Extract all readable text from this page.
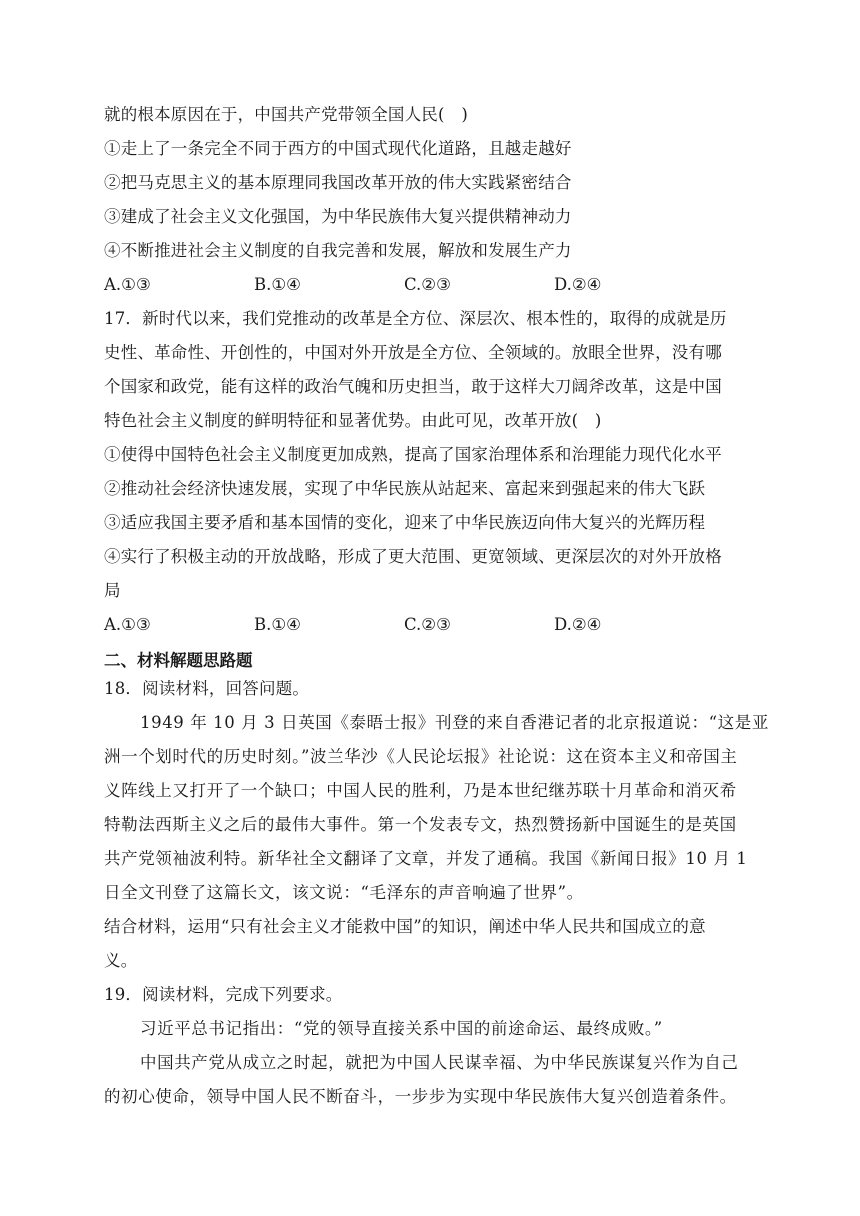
就的根本原因在于，中国共产党带领全国人民(　)
①走上了一条完全不同于西方的中国式现代化道路，且越走越好
②把马克思主义的基本原理同我国改革开放的伟大实践紧密结合
③建成了社会主义文化强国，为中华民族伟大复兴提供精神动力
④不断推进社会主义制度的自我完善和发展，解放和发展生产力
A.①③	B.①④	C.②③	D.②④
17．新时代以来，我们党推动的改革是全方位、深层次、根本性的，取得的成就是历
史性、革命性、开创性的，中国对外开放是全方位、全领域的。放眼全世界，没有哪
个国家和政党，能有这样的政治气魄和历史担当，敢于这样大刀阔斧改革，这是中国
特色社会主义制度的鲜明特征和显著优势。由此可见，改革开放(　)
①使得中国特色社会主义制度更加成熟，提高了国家治理体系和治理能力现代化水平
②推动社会经济快速发展，实现了中华民族从站起来、富起来到强起来的伟大飞跃
③适应我国主要矛盾和基本国情的变化，迎来了中华民族迈向伟大复兴的光辉历程
④实行了积极主动的开放战略，形成了更大范围、更宽领域、更深层次的对外开放格
局
A.①③	B.①④	C.②③	D.②④
二、材料解题思路题
18．阅读材料，回答问题。
1949 年 10 月 3 日英国《泰晤士报》刊登的来自香港记者的北京报道说：“这是亚
洲一个划时代的历史时刻。”波兰华沙《人民论坛报》社论说：这在资本主义和帝国主
义阵线上又打开了一个缺口；中国人民的胜利，乃是本世纪继苏联十月革命和消灭希
特勒法西斯主义之后的最伟大事件。第一个发表专文，热烈赞扬新中国诞生的是英国
共产党领袖波利特。新华社全文翻译了文章，并发了通稿。我国《新闻日报》10 月 1
日全文刊登了这篇长文，该文说：“毛泽东的声音响遍了世界”。
结合材料，运用“只有社会主义才能救中国”的知识，阐述中华人民共和国成立的意
义。
19．阅读材料，完成下列要求。
习近平总书记指出：“党的领导直接关系中国的前途命运、最终成败。”
中国共产党从成立之时起，就把为中国人民谋幸福、为中华民族谋复兴作为自己
的初心使命，领导中国人民不断奋斗，一步步为实现中华民族伟大复兴创造着条件。
